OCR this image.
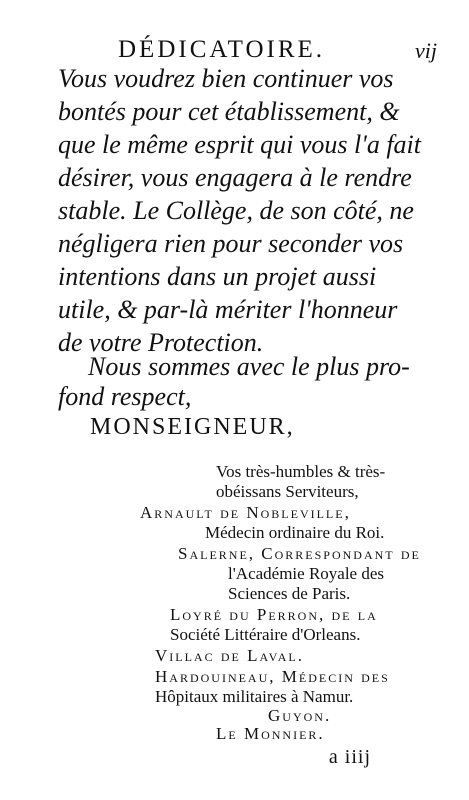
DÉDICATOIRE.	vij
Vous voudrez bien continuer vos
bontés pour cet établissement, &
que le même esprit qui vous l'a fait
désirer, vous engagera à le rendre
stable. Le Collège, de son côté, ne
négligera rien pour seconder vos
intentions dans un projet aussi
utile, & par-là mériter l'honneur
de votre Protection.
Nous sommes avec le plus pro-
fond respect,
MONSEIGNEUR,
Vos très-humbles & très-
obéissans Serviteurs,
Arnault de Nobleville,
Médecin ordinaire du Roi.
Salerne, Correspondant de
l'Académie Royale des
Sciences de Paris.
Loyré du Perron, de la
Société Littéraire d'Orleans.
Villac de Laval.
Hardouineau, Médecin des
Hôpitaux militaires à Namur.
Guyon.
Le Monnier.
a iiij
